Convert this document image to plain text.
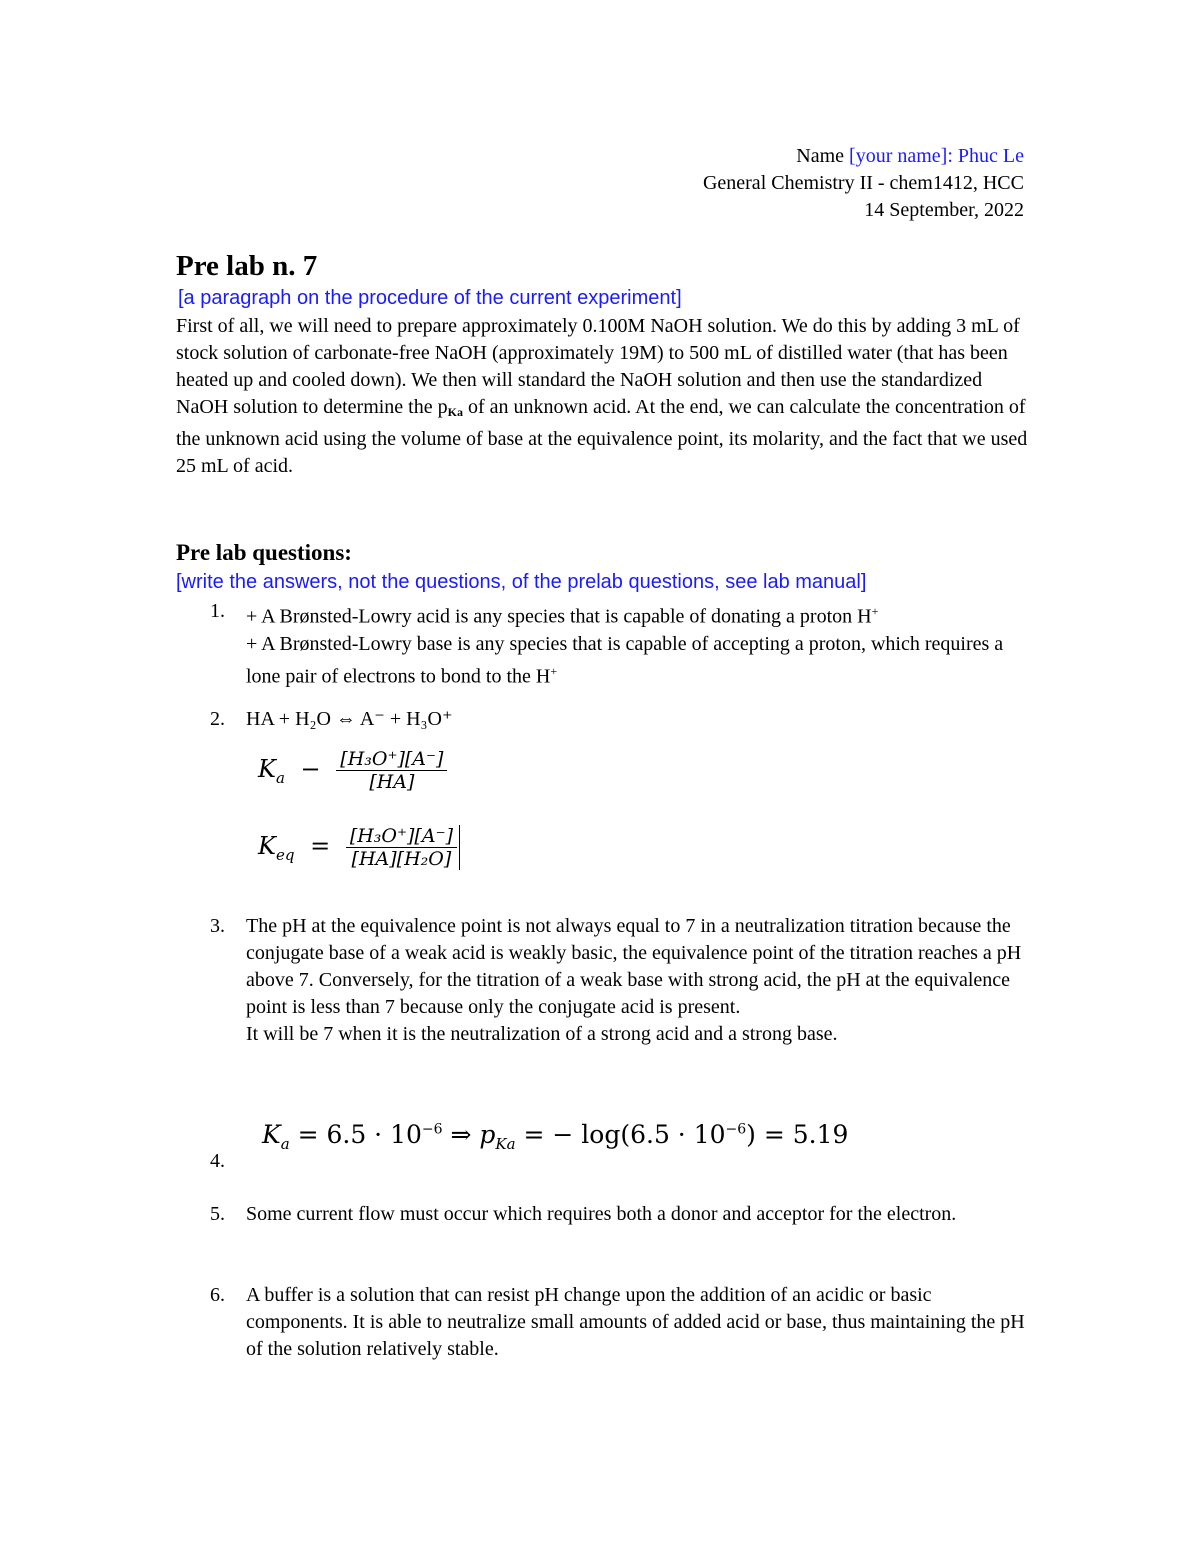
Name [your name]: Phuc Le
General Chemistry II - chem1412, HCC
14 September, 2022
Pre lab n. 7
[a paragraph on the procedure of the current experiment]

First of all, we will need to prepare approximately 0.100M NaOH solution. We do this by adding 3 mL of stock solution of carbonate-free NaOH (approximately 19M) to 500 mL of distilled water (that has been heated up and cooled down). We then will standard the NaOH solution and then use the standardized NaOH solution to determine the $p_{Ka}$ of an unknown acid. At the end, we can calculate the concentration of the unknown acid using the volume of base at the equivalence point, its molarity, and the fact that we used 25 mL of acid.

Pre lab questions:
[write the answers, not the questions, of the prelab questions, see lab manual]
1. + A Brønsted-Lowry acid is any species that is capable of donating a proton H+
+ A Brønsted-Lowry base is any species that is capable of accepting a proton, which requires a lone pair of electrons to bond to the H+
2. HA + H₂O ⇔ A⁻ + H₃O⁺
$K_a - \frac{\text{[H₃O⁺][A⁻]}}{[HA]}$
$K_{eq} = \frac{\text{[H₃O⁺][A⁻]}}{\text{[HA][H₂O]}}$
3. The pH at the equivalence point is not always equal to 7 in a neutralization titration because the conjugate base of a weak acid is weakly basic, the equivalence point of the titration reaches a pH above 7. Conversely, for the titration of a weak base with strong acid, the pH at the equivalence point is less than 7 because only the conjugate acid is present.
It will be 7 when it is the neutralization of a strong acid and a strong base.
$K_a = 6.5 \cdot 10^{-6}$ ⇒ $p_{Ka}$ = − $\log(6.5 \cdot 10^{-6}) = 5.19$
4.
5. Some current flow must occur which requires both a donor and acceptor for the electron.
6. A buffer is a solution that can resist pH change upon the addition of an acidic or basic components. It is able to neutralize small amounts of added acid or base, thus maintaining the pH of the solution relatively stable.
